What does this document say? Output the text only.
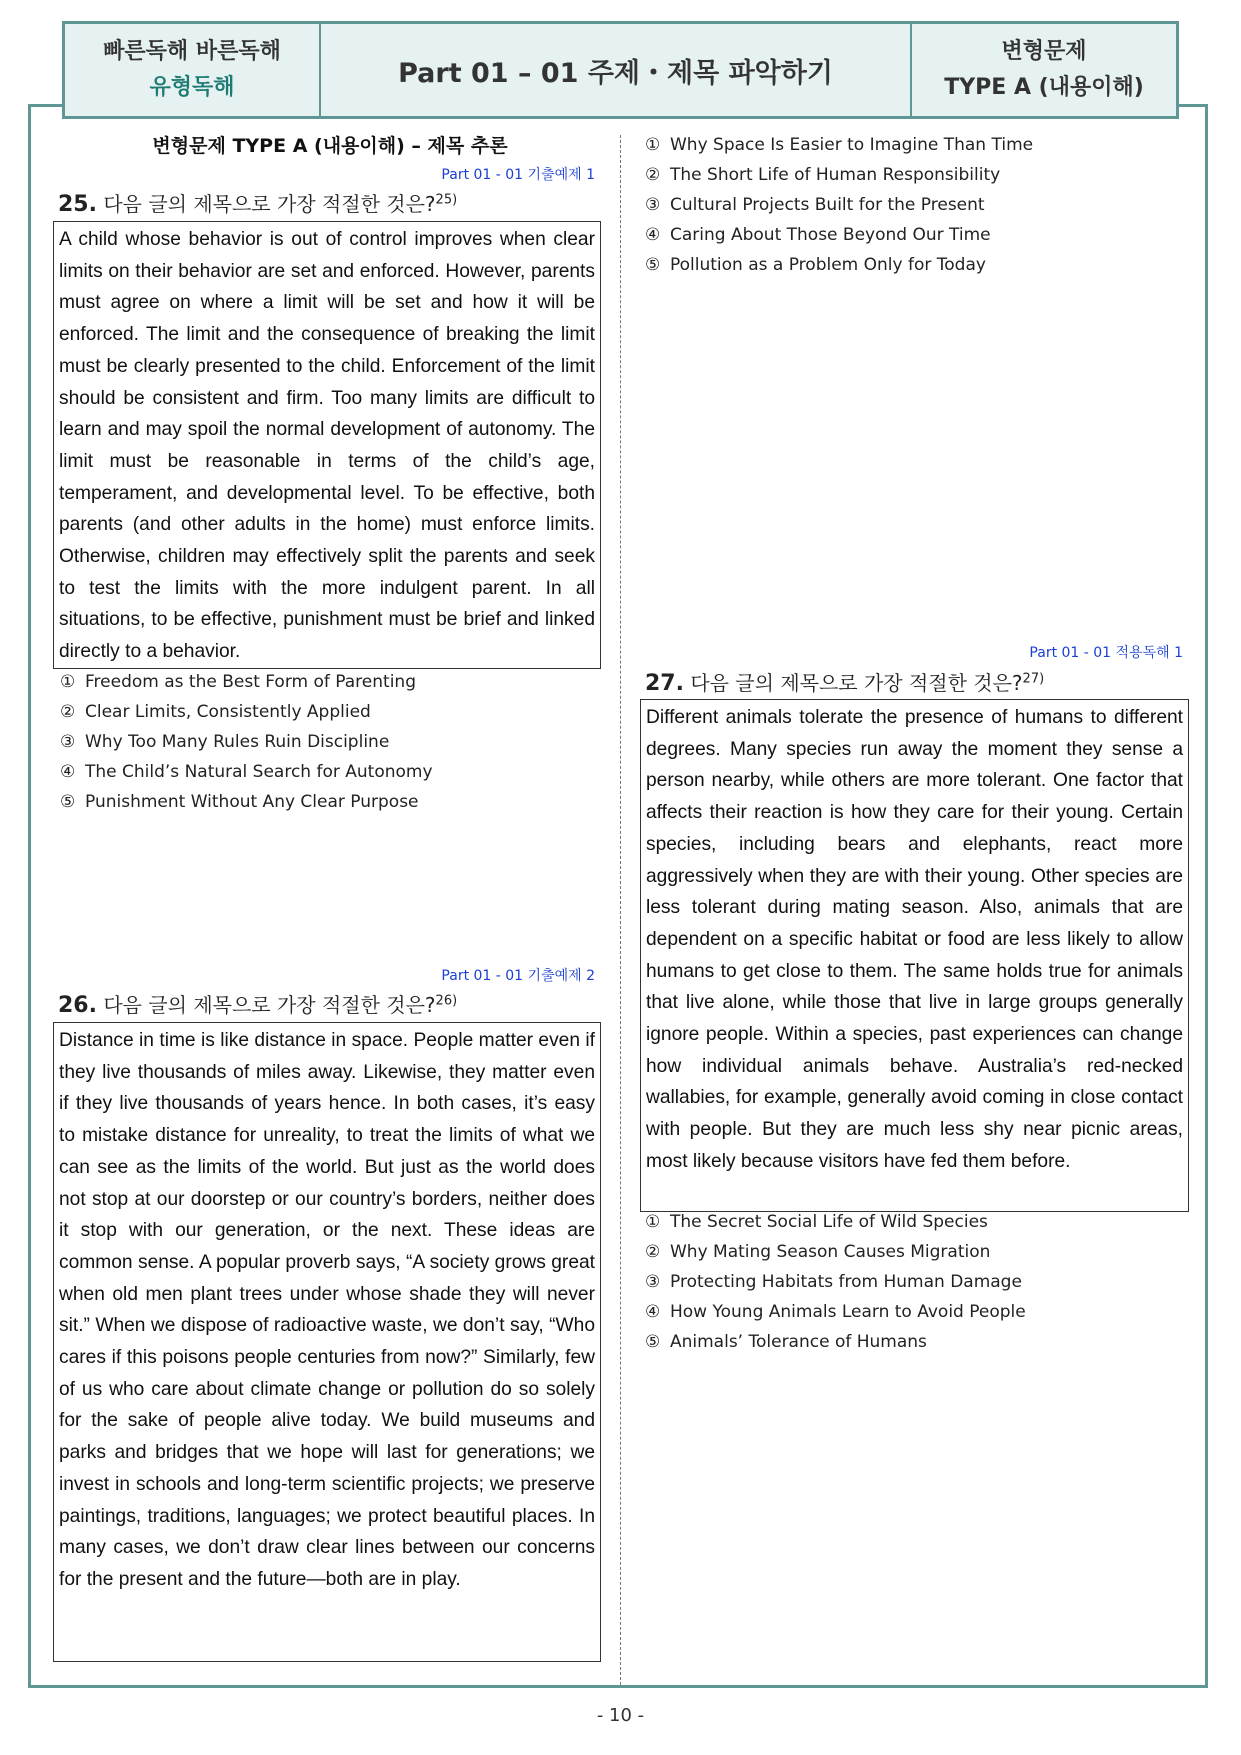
빠른독해 바른독해
유형독해	Part 01 – 01 주제・제목 파악하기
변형문제
TYPE A (내용이해)
변형문제 TYPE A (내용이해) – 제목 추론
Part 01 - 01 기출예제 1
25. 다음 글의 제목으로 가장 적절한 것은?$^{25)}$
A child whose behavior is out of control improves when clear limits on their behavior are set and enforced. However, parents must agree on where a limit will be set and how it will be enforced. The limit and the consequence of breaking the limit must be clearly presented to the child. Enforcement of the limit should be consistent and firm. Too many limits are difficult to learn and may spoil the normal development of autonomy. The limit must be reasonable in terms of the child’s age, temperament, and developmental level. To be effective, both parents (and other adults in the home) must enforce limits. Otherwise, children may effectively split the parents and seek to test the limits with the more indulgent parent. In all situations, to be effective, punishment must be brief and linked directly to a behavior.
① Freedom as the Best Form of Parenting
② Clear Limits, Consistently Applied
③ Why Too Many Rules Ruin Discipline
④ The Child’s Natural Search for Autonomy
⑤ Punishment Without Any Clear Purpose
Part 01 - 01 기출예제 2
26. 다음 글의 제목으로 가장 적절한 것은?$^{26)}$
Distance in time is like distance in space. People matter even if they live thousands of miles away. Likewise, they matter even if they live thousands of years hence. In both cases, it’s easy to mistake distance for unreality, to treat the limits of what we can see as the limits of the world. But just as the world does not stop at our doorstep or our country’s borders, neither does it stop with our generation, or the next. These ideas are common sense. A popular proverb says, “A society grows great when old men plant trees under whose shade they will never sit.” When we dispose of radioactive waste, we don’t say, “Who cares if this poisons people centuries from now?” Similarly, few of us who care about climate change or pollution do so solely for the sake of people alive today. We build museums and parks and bridges that we hope will last for generations; we invest in schools and long-term scientific projects; we preserve paintings, traditions, languages; we protect beautiful places. In many cases, we don’t draw clear lines between our concerns for the present and the future—both are in play.
① Why Space Is Easier to Imagine Than Time
② The Short Life of Human Responsibility
③ Cultural Projects Built for the Present
④ Caring About Those Beyond Our Time
⑤ Pollution as a Problem Only for Today
Part 01 - 01 적용독해 1
27. 다음 글의 제목으로 가장 적절한 것은?$^{27)}$
Different animals tolerate the presence of humans to different degrees. Many species run away the moment they sense a person nearby, while others are more tolerant. One factor that affects their reaction is how they care for their young. Certain species, including bears and elephants, react more aggressively when they are with their young. Other species are less tolerant during mating season. Also, animals that are dependent on a specific habitat or food are less likely to allow humans to get close to them. The same holds true for animals that live alone, while those that live in large groups generally ignore people. Within a species, past experiences can change how individual animals behave. Australia’s red-necked wallabies, for example, generally avoid coming in close contact with people. But they are much less shy near picnic areas, most likely because visitors have fed them before.
① The Secret Social Life of Wild Species
② Why Mating Season Causes Migration
③ Protecting Habitats from Human Damage
④ How Young Animals Learn to Avoid People
⑤ Animals’ Tolerance of Humans
- 10 -
